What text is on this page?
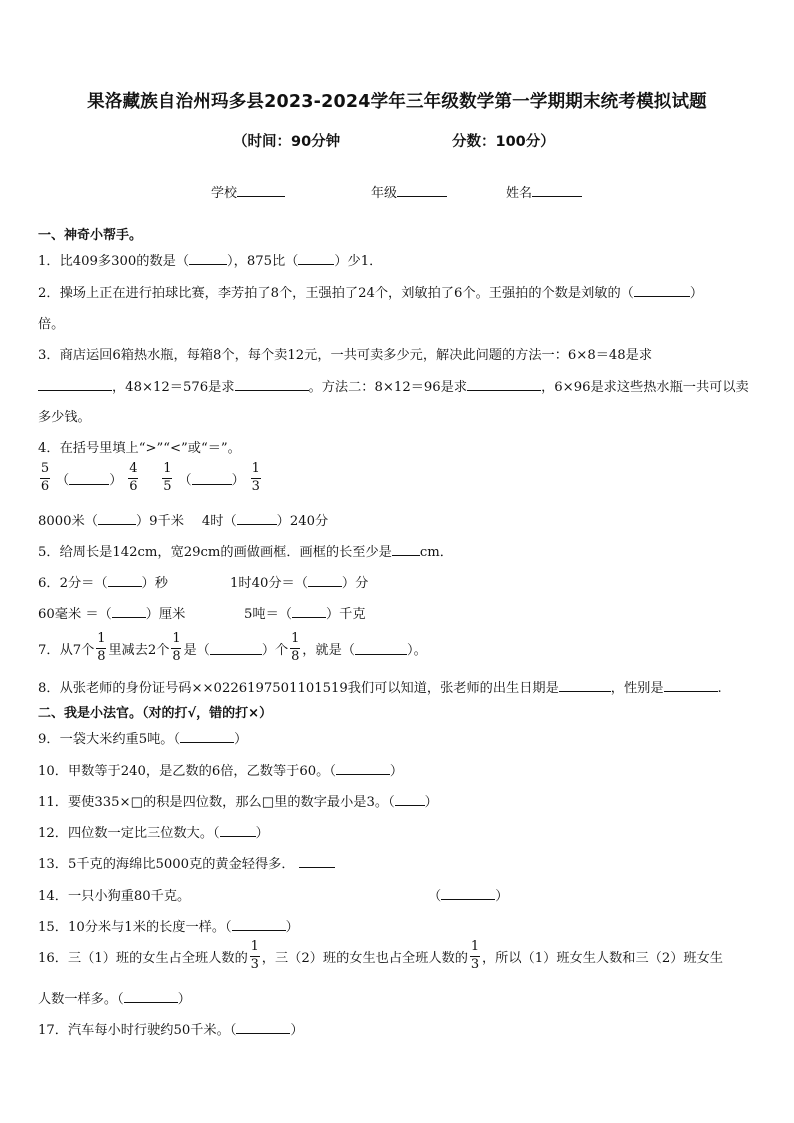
果洛藏族自治州玛多县2023-2024学年三年级数学第一学期期末统考模拟试题
（时间：90分钟	分数：100分）
学校	年级	姓名
一、神奇小帮手。
1．比409多300的数是（	），875比（	）少1．
2．操场上正在进行拍球比赛，李芳拍了8个，王强拍了24个，刘敏拍了6个。王强拍的个数是刘敏的（	）
倍。
3．商店运回6箱热水瓶，每箱8个，每个卖12元，一共可卖多少元，解决此问题的方法一：6×8＝48是求
，48×12＝576是求	。方法二：8×12＝96是求	，6×96是求这些热水瓶一共可以卖
多少钱。
4．在括号里填上“>”“<”或“＝”。
$\frac{5}{6}$ （	） $\frac{4}{6} \frac{1}{5}$ （	） $\frac{1}{3}$
8000米（	）9千米 4时（	）240分
5．给周长是142cm，宽29cm的画做画框．画框的长至少是 cm．
6．2分＝（	）秒	1时40分＝（	）分
60毫米 ＝（	）厘米	5吨＝（	）千克
7．从7个 $\frac{1}{8}$ 里减去2个 $\frac{1}{8}$ 是（	）个 $\frac{1}{8}$ ，就是（	）。
8．从张老师的身份证号码××0226197501101519我们可以知道，张老师的出生日期是	，性别是	.
二、我是小法官。（对的打√，错的打×）
9．一袋大米约重5吨。（	）
10．甲数等于240，是乙数的6倍，乙数等于60。（	）
11．要使335×□的积是四位数，那么□里的数字最小是3。（ ）
12．四位数一定比三位数大。（	）
13．5千克的海绵比5000克的黄金轻得多．
14．一只小狗重80千克。	（	）
15．10分米与1米的长度一样。（	）
16．三（1）班的女生占全班人数的 $\frac{1}{3}$ ，三（2）班的女生也占全班人数的 $\frac{1}{3}$ ，所以（1）班女生人数和三（2）班女生
人数一样多。（	）
17．汽车每小时行驶约50千米。（	）
